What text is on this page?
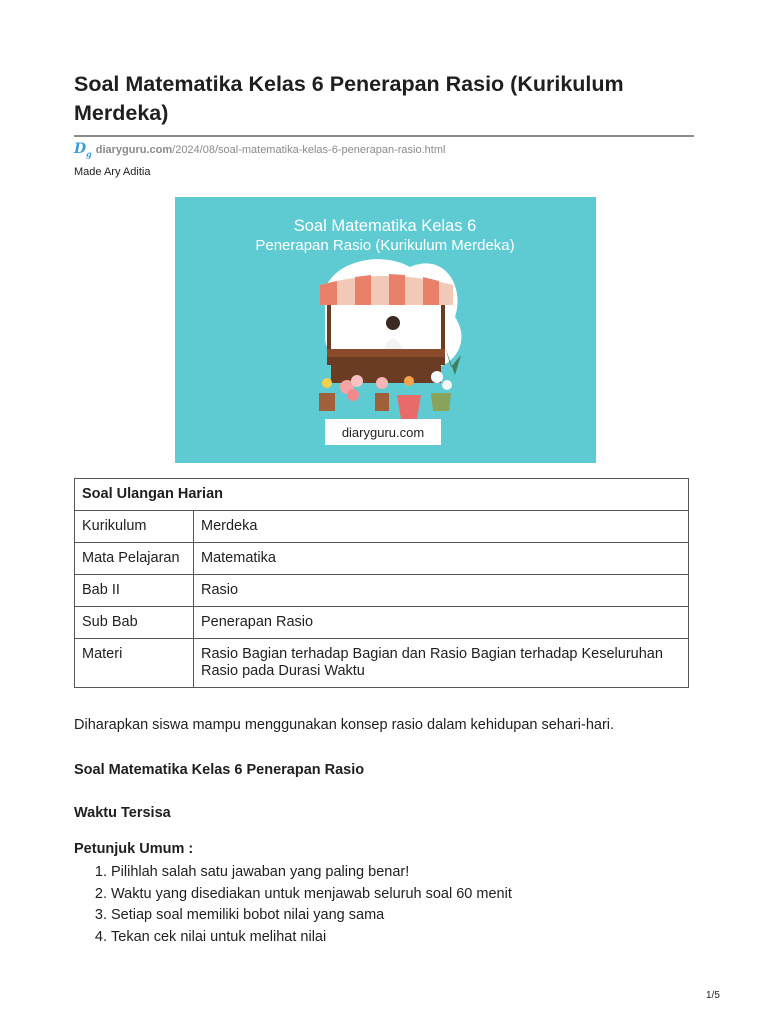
Soal Matematika Kelas 6 Penerapan Rasio (Kurikulum Merdeka)
$D_g$ diaryguru.com /2024/08/soal-matematika-kelas-6-penerapan-rasio.html
Made Ary Aditia
Soal Matematika Kelas 6
Penerapan Rasio (Kurikulum Merdeka)
diaryguru.com
Soal Ulangan Harian	
Kurikulum	Merdeka
Mata Pelajaran	Matematika
Bab II	Rasio
Sub Bab	Penerapan Rasio
Materi	Rasio Bagian terhadap Bagian dan Rasio Bagian terhadap Keseluruhan Rasio pada Durasi Waktu

Diharapkan siswa mampu menggunakan konsep rasio dalam kehidupan sehari-hari.

Soal Matematika Kelas 6 Penerapan Rasio

Waktu Tersisa

Petunjuk Umum :

1. Pilihlah salah satu jawaban yang paling benar!
2. Waktu yang disediakan untuk menjawab seluruh soal 60 menit
3. Setiap soal memiliki bobot nilai yang sama
4. Tekan cek nilai untuk melihat nilai
1/5
